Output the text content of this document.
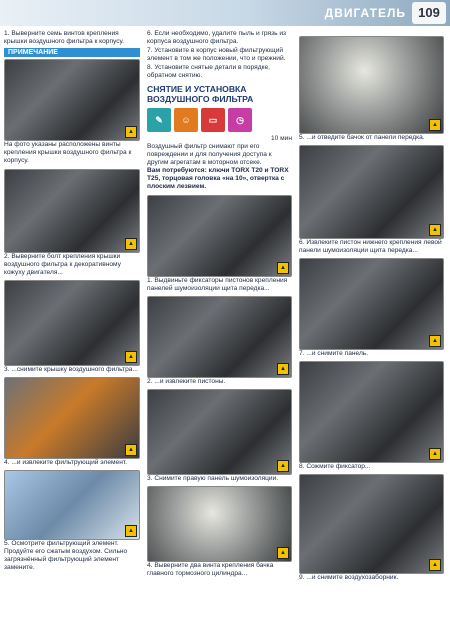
ДВИГАТЕЛЬ 109

1. Выверните семь винтов крепления крышки воздушного фильтра к корпусу.

ПРИМЕЧАНИЕ
▲

На фото указаны расположены винты крепления крышки воздушного фильтра к корпусу.

▲

2. Выверните болт крепления крышки воздушного фильтра к декоративному кожуху двигателя...

▲

3. ...снимите крышку воздушного фильтра...

▲

4. ...и извлеките фильтрующий элемент.

▲

5. Осмотрите фильтрующий элемент. Продуйте его сжатым воздухом. Сильно загрязнённый фильтрующий элемент замените.

6. Если необходимо, удалите пыль и грязь из корпуса воздушного фильтра.

7. Установите в корпус новый фильтрующий элемент в том же положении, что и прежний.

8. Установите снятые детали в порядке, обратном снятию.

СНЯТИЕ И УСТАНОВКА ВОЗДУШНОГО ФИЛЬТРА
✎	☺	▭	◷
10 мин

Воздушный фильтр снимают при его повреждении и для получения доступа к другим агрегатам в моторном отсеке.

Вам потребуются: ключи TORX T20 и TORX T25, торцовая головка «на 10», отвертка с плоским лезвием.

▲

1. Выдвиньте фиксаторы пистонов крепления панелей шумоизоляции щита передка...

▲

2. ...и извлеките пистоны.

▲

3. Снимите правую панель шумоизоляции.

▲

4. Выверните два винта крепления бачка главного тормозного цилиндра...

▲

5. ...и отведите бачок от панели передка.

▲

6. Извлеките пистон нижнего крепления левой панели шумоизоляции щита передка...

▲

7. ...и снимите панель.

▲

8. Сожмите фиксатор...

▲

9. ...и снимите воздухозаборник.
